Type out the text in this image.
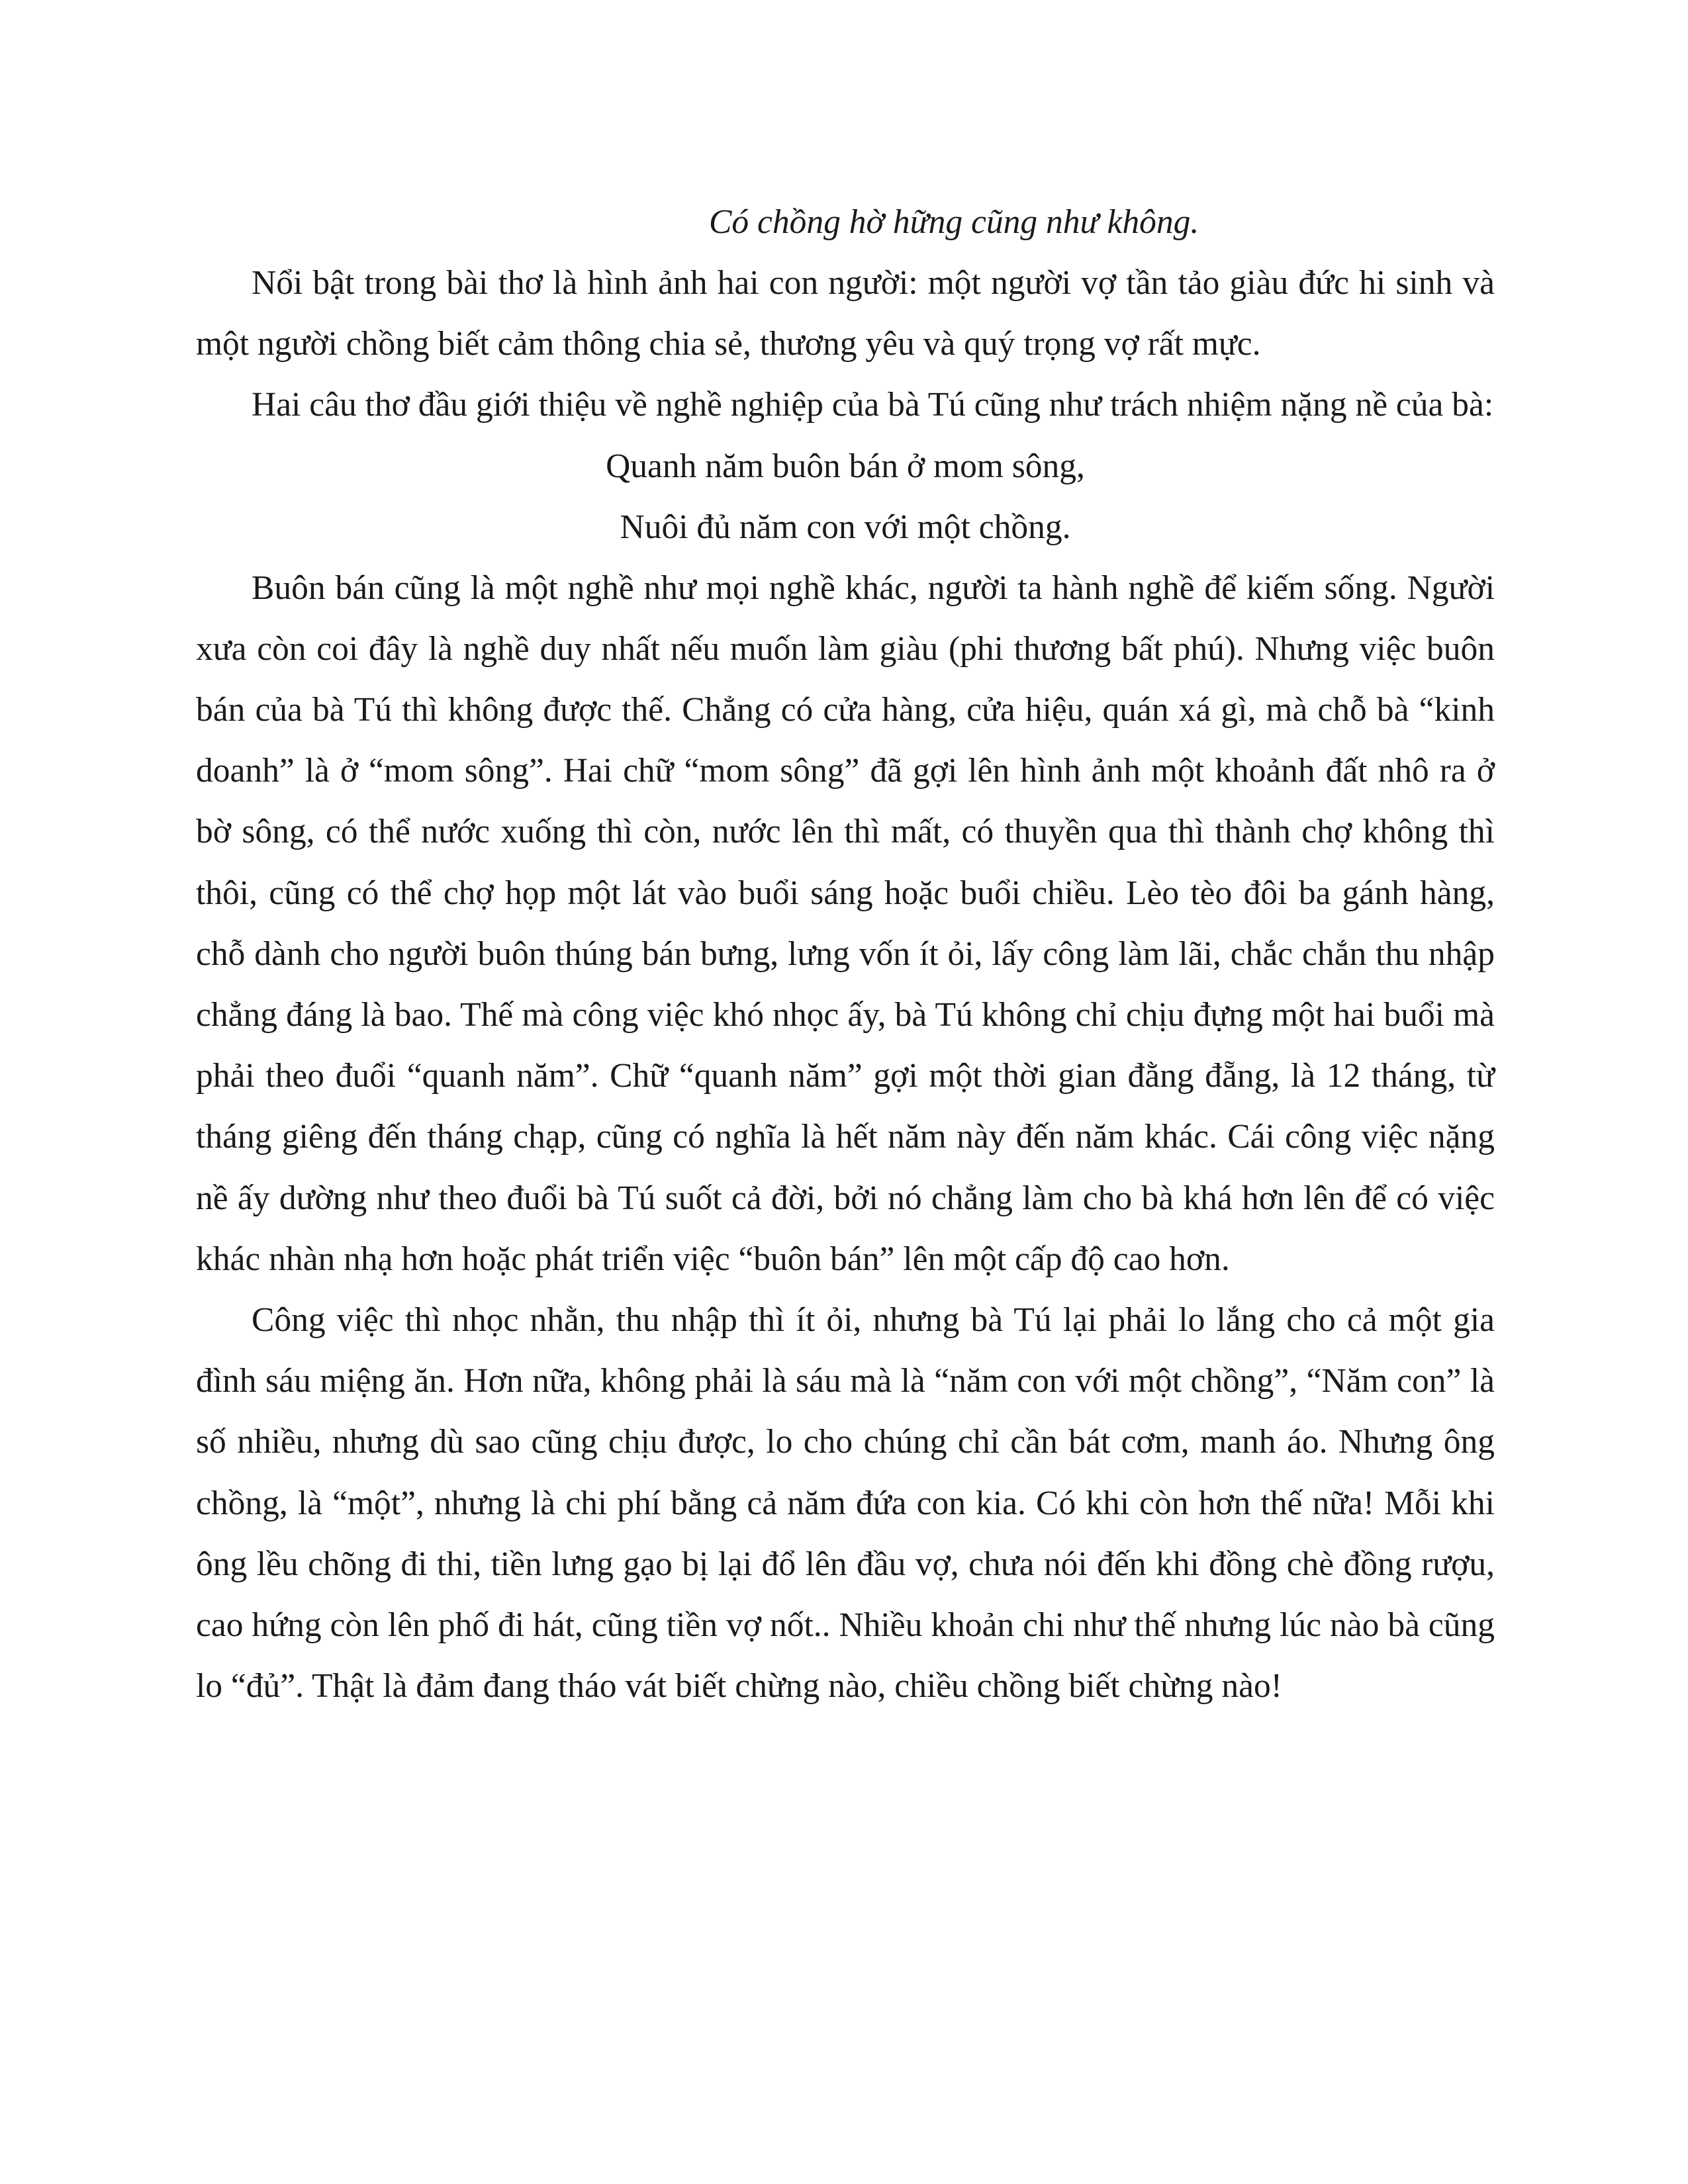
Có chồng hờ hững cũng như không.

Nổi bật trong bài thơ là hình ảnh hai con người: một người vợ tần tảo giàu đức hi sinh và một người chồng biết cảm thông chia sẻ, thương yêu và quý trọng vợ rất mực.

Hai câu thơ đầu giới thiệu về nghề nghiệp của bà Tú cũng như trách nhiệm nặng nề của bà:

Quanh năm buôn bán ở mom sông,
Nuôi đủ năm con với một chồng.

Buôn bán cũng là một nghề như mọi nghề khác, người ta hành nghề để kiếm sống. Người xưa còn coi đây là nghề duy nhất nếu muốn làm giàu (phi thương bất phú). Nhưng việc buôn bán của bà Tú thì không được thế. Chẳng có cửa hàng, cửa hiệu, quán xá gì, mà chỗ bà “kinh doanh” là ở “mom sông”. Hai chữ “mom sông” đã gợi lên hình ảnh một khoảnh đất nhô ra ở bờ sông, có thể nước xuống thì còn, nước lên thì mất, có thuyền qua thì thành chợ không thì thôi, cũng có thể chợ họp một lát vào buổi sáng hoặc buổi chiều. Lèo tèo đôi ba gánh hàng, chỗ dành cho người buôn thúng bán bưng, lưng vốn ít ỏi, lấy công làm lãi, chắc chắn thu nhập chẳng đáng là bao. Thế mà công việc khó nhọc ấy, bà Tú không chỉ chịu đựng một hai buổi mà phải theo đuổi “quanh năm”. Chữ “quanh năm” gợi một thời gian đằng đẵng, là 12 tháng, từ tháng giêng đến tháng chạp, cũng có nghĩa là hết năm này đến năm khác. Cái công việc nặng nề ấy dường như theo đuổi bà Tú suốt cả đời, bởi nó chẳng làm cho bà khá hơn lên để có việc khác nhàn nhạ hơn hoặc phát triển việc “buôn bán” lên một cấp độ cao hơn.

Công việc thì nhọc nhằn, thu nhập thì ít ỏi, nhưng bà Tú lại phải lo lắng cho cả một gia đình sáu miệng ăn. Hơn nữa, không phải là sáu mà là “năm con với một chồng”, “Năm con” là số nhiều, nhưng dù sao cũng chịu được, lo cho chúng chỉ cần bát cơm, manh áo. Nhưng ông chồng, là “một”, nhưng là chi phí bằng cả năm đứa con kia. Có khi còn hơn thế nữa! Mỗi khi ông lều chõng đi thi, tiền lưng gạo bị lại đổ lên đầu vợ, chưa nói đến khi đồng chè đồng rượu, cao hứng còn lên phố đi hát, cũng tiền vợ nốt.. Nhiều khoản chi như thế nhưng lúc nào bà cũng lo “đủ”. Thật là đảm đang tháo vát biết chừng nào, chiều chồng biết chừng nào!
